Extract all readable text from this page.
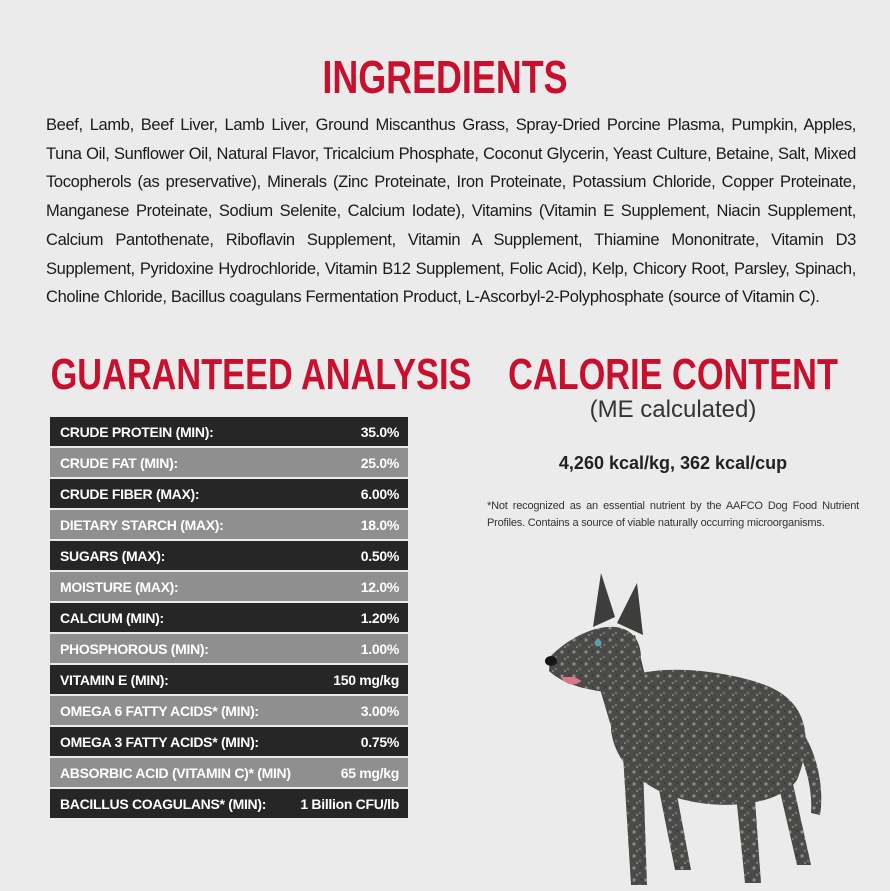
INGREDIENTS

Beef, Lamb, Beef Liver, Lamb Liver, Ground Miscanthus Grass, Spray-Dried Porcine Plasma, Pumpkin, Apples, Tuna Oil, Sunflower Oil, Natural Flavor, Tricalcium Phosphate, Coconut Glycerin, Yeast Culture, Betaine, Salt, Mixed Tocopherols (as preservative), Minerals (Zinc Proteinate, Iron Proteinate, Potassium Chloride, Copper Proteinate, Manganese Proteinate, Sodium Selenite, Calcium Iodate), Vitamins (Vitamin E Supplement, Niacin Supplement, Calcium Pantothenate, Riboflavin Supplement, Vitamin A Supplement, Thiamine Mononitrate, Vitamin D3 Supplement, Pyridoxine Hydrochloride, Vitamin B12 Supplement, Folic Acid), Kelp, Chicory Root, Parsley, Spinach, Choline Chloride, Bacillus coagulans Fermentation Product, L-Ascorbyl-2-Polyphosphate (source of Vitamin C).

GUARANTEED ANALYSIS
CRUDE PROTEIN (MIN):	35.0%
CRUDE FAT (MIN):	25.0%
CRUDE FIBER (MAX):	6.00%
DIETARY STARCH (MAX):	18.0%
SUGARS (MAX):	0.50%
MOISTURE (MAX):	12.0%
CALCIUM (MIN):	1.20%
PHOSPHOROUS (MIN):	1.00%
VITAMIN E (MIN):	150 mg/kg
OMEGA 6 FATTY ACIDS* (MIN):	3.00%
OMEGA 3 FATTY ACIDS* (MIN):	0.75%
ABSORBIC ACID (VITAMIN C)* (MIN)	65 mg/kg
BACILLUS COAGULANS* (MIN): 1 Billion CFU/lb
CALORIE CONTENT
(ME calculated)
4,260 kcal/kg, 362 kcal/cup

*Not recognized as an essential nutrient by the AAFCO Dog Food Nutrient Profiles. Contains a source of viable naturally occurring microorganisms.
